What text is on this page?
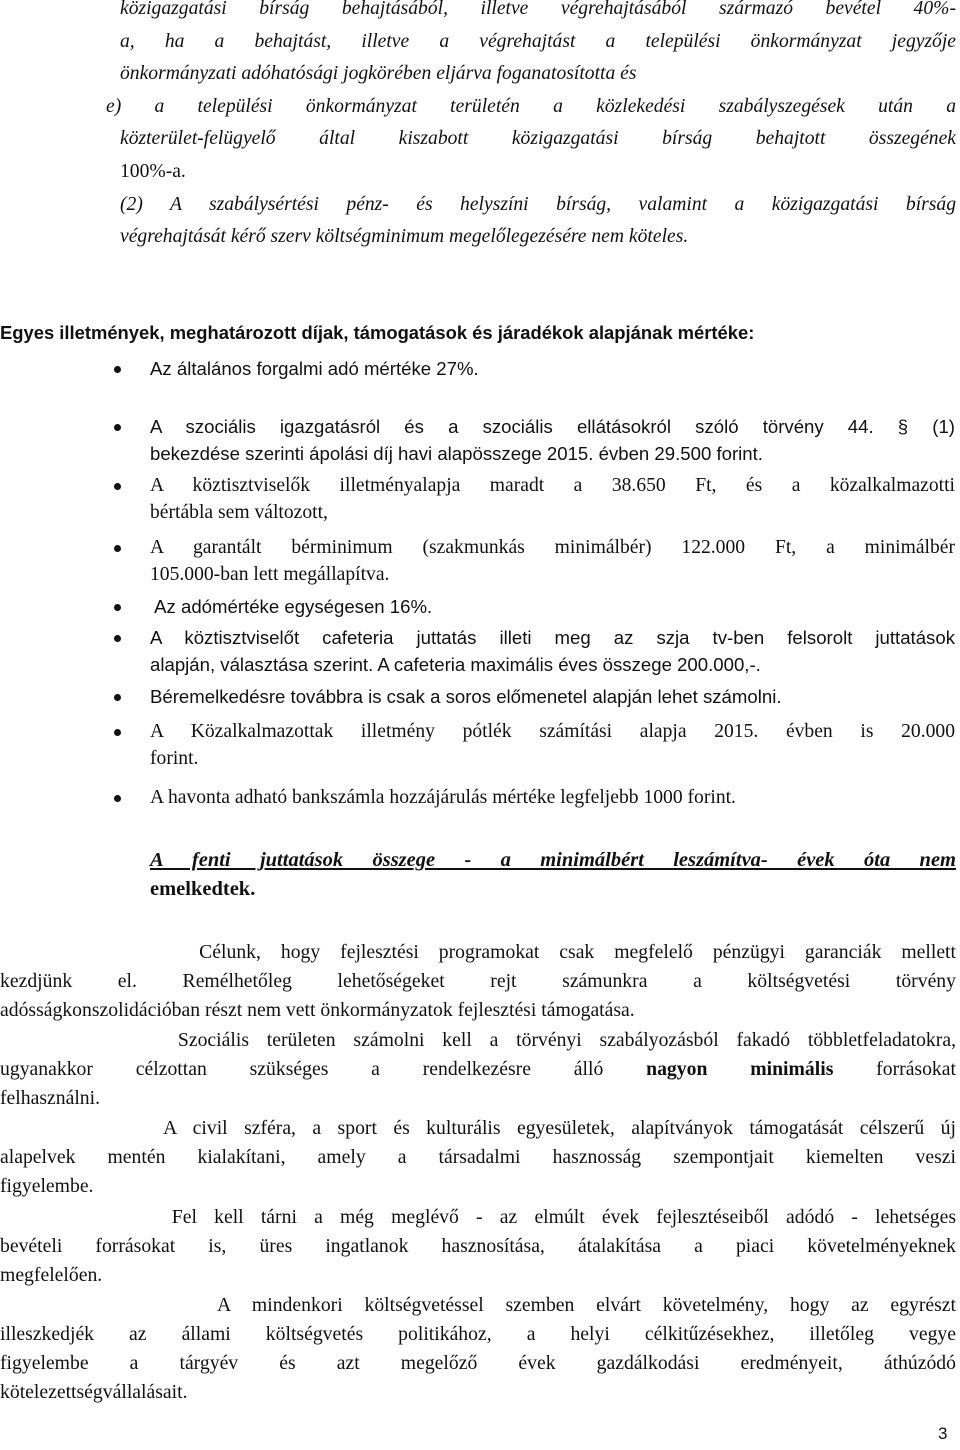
közigazgatási bírság behajtásából, illetve végrehajtásából származó bevétel 40%-

a, ha a behajtást, illetve a végrehajtást a települési önkormányzat jegyzője

önkormányzati adóhatósági jogkörében eljárva foganatosította és

e) a települési önkormányzat területén a közlekedési szabályszegések után a

közterület-felügyelő által kiszabott közigazgatási bírság behajtott összegének

100%-a.

(2) A szabálysértési pénz- és helyszíni bírság, valamint a közigazgatási bírság

végrehajtását kérő szerv költségminimum megelőlegezésére nem köteles.

Egyes illetmények, meghatározott díjak, támogatások és járadékok alapjának mértéke:

Az általános forgalmi adó mértéke 27%.
A szociális igazgatásról és a szociális ellátásokról szóló törvény 44. § (1)
bekezdése szerinti ápolási díj havi alapösszege 2015. évben 29.500 forint.
A köztisztviselők illetményalapja maradt a 38.650 Ft, és a közalkalmazotti
bértábla sem változott,
A garantált bérminimum (szakmunkás minimálbér) 122.000 Ft, a minimálbér
105.000-ban lett megállapítva.
Az adómértéke egységesen 16%.
A köztisztviselőt cafeteria juttatás illeti meg az szja tv-ben felsorolt juttatások
alapján, választása szerint. A cafeteria maximális éves összege 200.000,-.
Béremelkedésre továbbra is csak a soros előmenetel alapján lehet számolni.
A Közalkalmazottak illetmény pótlék számítási alapja 2015. évben is 20.000
forint.
A havonta adható bankszámla hozzájárulás mértéke legfeljebb 1000 forint.

A fenti juttatások összege - a minimálbért leszámítva- évek óta nem
emelkedtek.

Célunk, hogy fejlesztési programokat csak megfelelő pénzügyi garanciák mellett
kezdjünk el. Remélhetőleg lehetőségeket rejt számunkra a költségvetési törvény
adósságkonszolidációban részt nem vett önkormányzatok fejlesztési támogatása.

Szociális területen számolni kell a törvényi szabályozásból fakadó többletfeladatokra,
ugyanakkor célzottan szükséges a rendelkezésre álló nagyon minimális forrásokat
felhasználni.

A civil szféra, a sport és kulturális egyesületek, alapítványok támogatását célszerű új
alapelvek mentén kialakítani, amely a társadalmi hasznosság szempontjait kiemelten veszi
figyelembe.

Fel kell tárni a még meglévő - az elmúlt évek fejlesztéseiből adódó - lehetséges
bevételi forrásokat is, üres ingatlanok hasznosítása, átalakítása a piaci követelményeknek
megfelelően.

A mindenkori költségvetéssel szemben elvárt követelmény, hogy az egyrészt
illeszkedjék az állami költségvetés politikához, a helyi célkitűzésekhez, illetőleg vegye
figyelembe a tárgyév és azt megelőző évek gazdálkodási eredményeit, áthúzódó
kötelezettségvállalásait.

3
